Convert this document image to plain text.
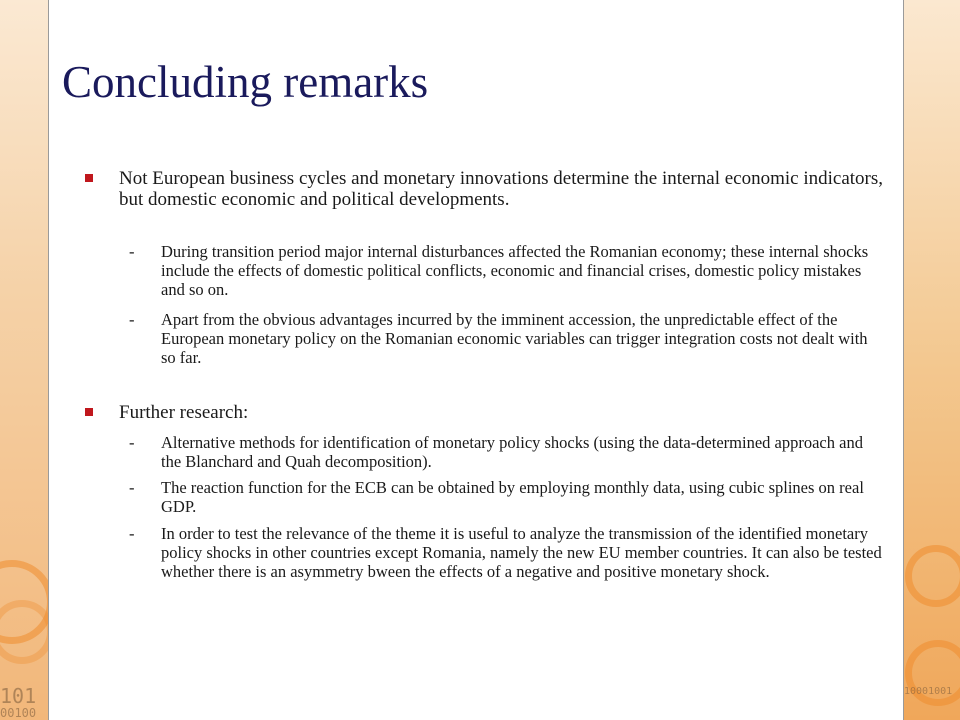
101
00100
10001001
Concluding remarks
Not European business cycles and monetary innovations determine the internal economic indicators, but domestic economic and political developments.
- During transition period major internal disturbances affected the Romanian economy; these internal shocks include the effects of domestic political conflicts, economic and financial crises, domestic policy mistakes and so on.
- Apart from the obvious advantages incurred by the imminent accession, the unpredictable effect of the European monetary policy on the Romanian economic variables can trigger integration costs not dealt with so far.
Further research:
- Alternative methods for identification of monetary policy shocks (using the data-determined approach and the Blanchard and Quah decomposition).
- The reaction function for the ECB can be obtained by employing monthly data, using cubic splines on real GDP.
- In order to test the relevance of the theme it is useful to analyze the transmission of the identified monetary policy shocks in other countries except Romania, namely the new EU member countries. It can also be tested whether there is an asymmetry bween the effects of a negative and positive monetary shock.
